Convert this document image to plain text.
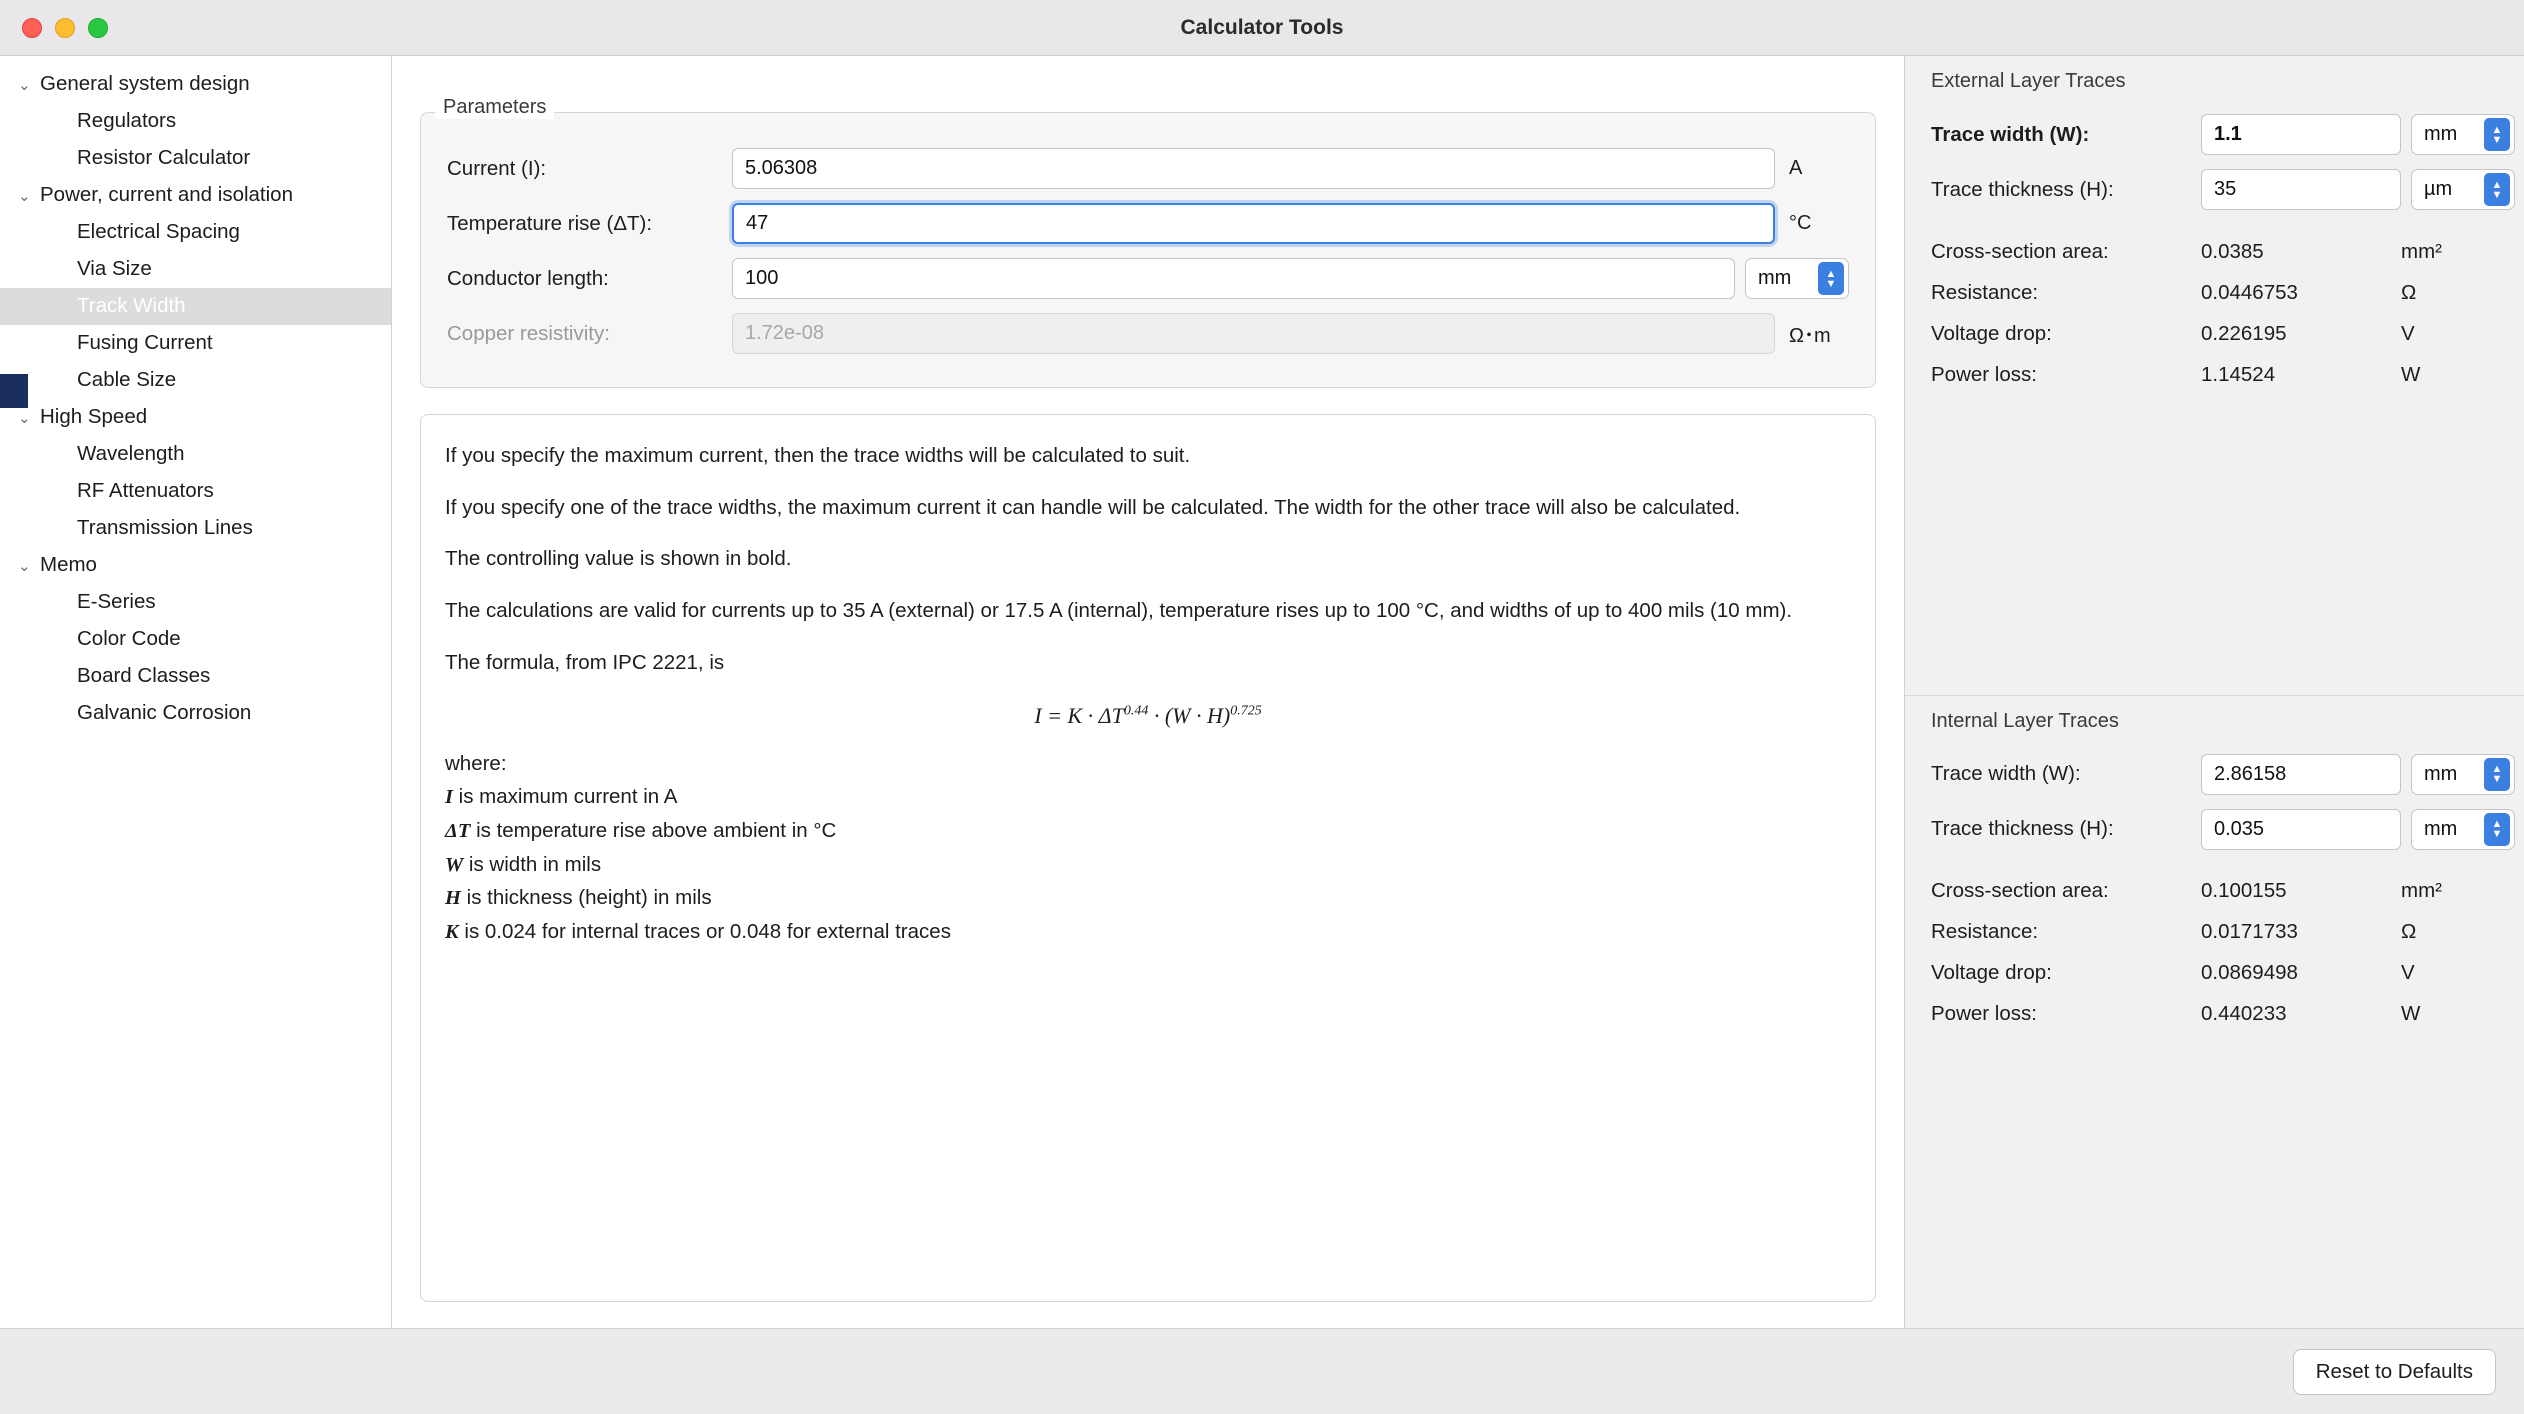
Calculator Tools
⌄ General system design
Regulators
Resistor Calculator
⌄ Power, current and isolation
Electrical Spacing
Via Size
Track Width
Fusing Current
Cable Size
⌄ High Speed
Wavelength
RF Attenuators
Transmission Lines
⌄ Memo
E-Series
Color Code
Board Classes
Galvanic Corrosion
Parameters
Current (I):	5.06308	A
Temperature rise (ΔT):	47	°C
Conductor length:	100	mm	▲
▼
Copper resistivity:	1.72e-08	Ω･m

If you specify the maximum current, then the trace widths will be calculated to suit.

If you specify one of the trace widths, the maximum current it can handle will be calculated. The width for the other trace will also be calculated.

The controlling value is shown in bold.

The calculations are valid for currents up to 35 A (external) or 17.5 A (internal), temperature rises up to 100 °C, and widths of up to 400 mils (10 mm).

The formula, from IPC 2221, is

$I = K \cdot \Delta T^{0.44} \cdot (W \cdot H)^{0.725}$
where:
I is maximum current in A
ΔT is temperature rise above ambient in °C
W is width in mils
H is thickness (height) in mils
K is 0.024 for internal traces or 0.048 for external traces
External Layer Traces
Trace width (W):	1.1	mm	▲
▼
Trace thickness (H):	35	µm	▲
▼
Cross-section area:	0.0385	mm²
Resistance:	0.0446753	Ω
Voltage drop:	0.226195	V
Power loss:	1.14524	W
Internal Layer Traces
Trace width (W):	2.86158	mm	▲
▼
Trace thickness (H):	0.035	mm	▲
▼
Cross-section area:	0.100155	mm²
Resistance:	0.0171733	Ω
Voltage drop:	0.0869498	V
Power loss:	0.440233	W
Reset to Defaults
